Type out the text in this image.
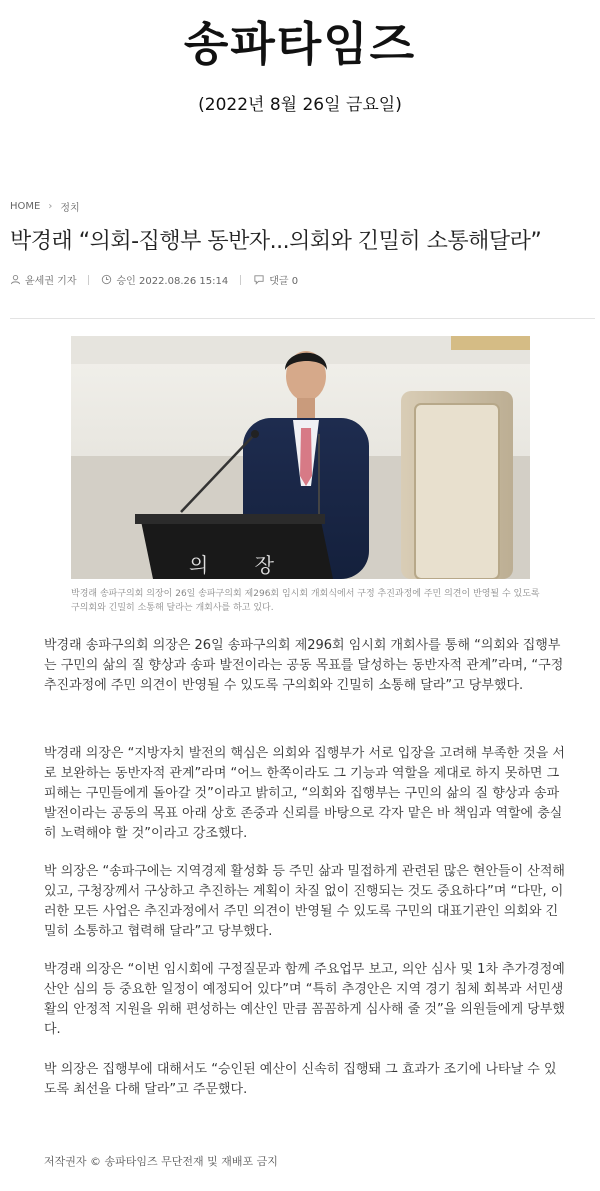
송파타임즈
(2022년 8월 26일 금요일)
HOME › 정치
박경래 “의회-집행부 동반자...의회와 긴밀히 소통해달라”
윤세권 기자	승인 2022.08.26 15:14	댓글 0
의 장
박경래 송파구의회 의장이 26일 송파구의회 제296회 임시회 개회식에서 구정 추진과정에 주민 의견이 반영될 수 있도록 구의회와 긴밀히 소통해 달라는 개회사를 하고 있다.

박경래 송파구의회 의장은 26일 송파구의회 제296회 임시회 개회사를 통해 “의회와 집행부는 구민의 삶의 질 향상과 송파 발전이라는 공동 목표를 달성하는 동반자적 관계”라며, “구정 추진과정에 주민 의견이 반영될 수 있도록 구의회와 긴밀히 소통해 달라”고 당부했다.

박경래 의장은 “지방자치 발전의 핵심은 의회와 집행부가 서로 입장을 고려해 부족한 것을 서로 보완하는 동반자적 관계”라며 “어느 한쪽이라도 그 기능과 역할을 제대로 하지 못하면 그 피해는 구민들에게 돌아갈 것”이라고 밝히고, “의회와 집행부는 구민의 삶의 질 향상과 송파 발전이라는 공동의 목표 아래 상호 존중과 신뢰를 바탕으로 각자 맡은 바 책임과 역할에 충실히 노력해야 할 것”이라고 강조했다.

박 의장은 “송파구에는 지역경제 활성화 등 주민 삶과 밀접하게 관련된 많은 현안들이 산적해 있고, 구청장께서 구상하고 추진하는 계획이 차질 없이 진행되는 것도 중요하다”며 “다만, 이러한 모든 사업은 추진과정에서 주민 의견이 반영될 수 있도록 구민의 대표기관인 의회와 긴밀히 소통하고 협력해 달라”고 당부했다.

박경래 의장은 “이번 임시회에 구정질문과 함께 주요업무 보고, 의안 심사 및 1차 추가경정예산안 심의 등 중요한 일정이 예정되어 있다”며 “특히 추경안은 지역 경기 침체 회복과 서민생활의 안정적 지원을 위해 편성하는 예산인 만큼 꼼꼼하게 심사해 줄 것”을 의원들에게 당부했다.

박 의장은 집행부에 대해서도 “승인된 예산이 신속히 집행돼 그 효과가 조기에 나타날 수 있도록 최선을 다해 달라”고 주문했다.

저작권자 © 송파타임즈 무단전재 및 재배포 금지
